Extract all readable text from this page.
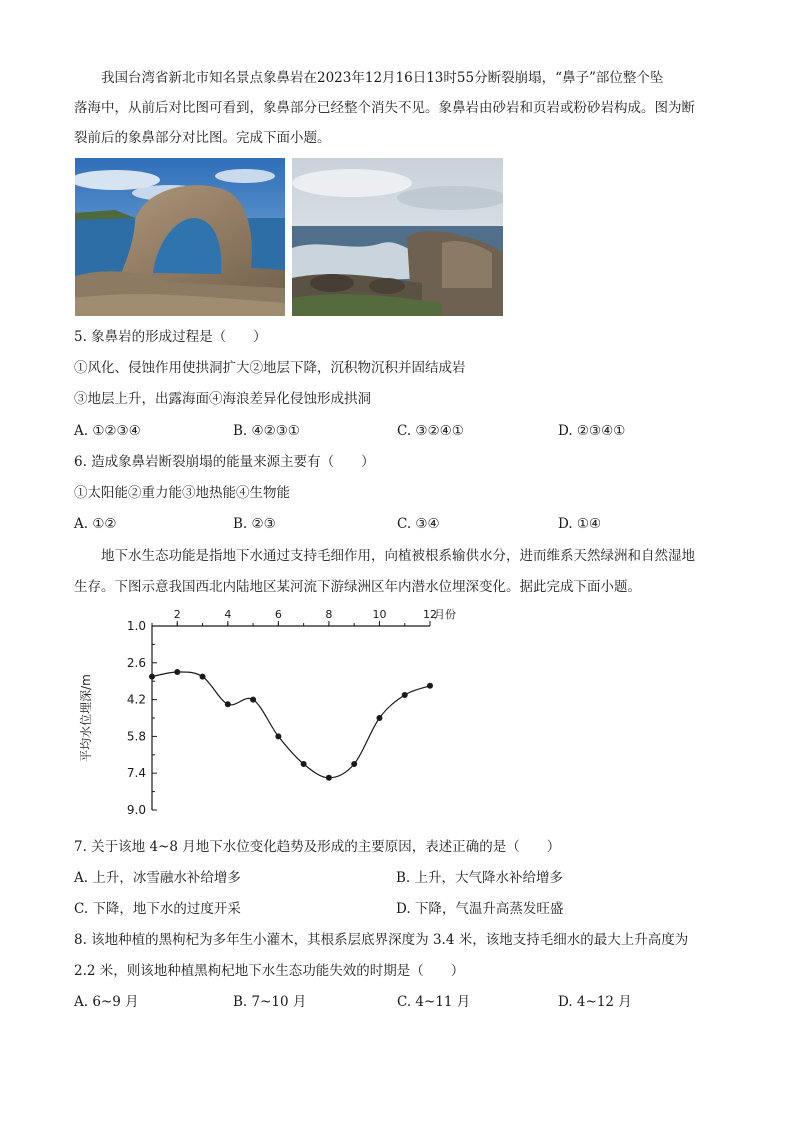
我国台湾省新北市知名景点象鼻岩在2023年12月16日13时55分断裂崩塌，“鼻子”部位整个坠

落海中，从前后对比图可看到，象鼻部分已经整个消失不见。象鼻岩由砂岩和页岩或粉砂岩构成。图为断

裂前后的象鼻部分对比图。完成下面小题。

5. 象鼻岩的形成过程是（　　）
①风化、侵蚀作用使拱洞扩大②地层下降，沉积物沉积并固结成岩
③地层上升，出露海面④海浪差异化侵蚀形成拱洞
A. ①②③④	B. ④②③①	C. ③②④①	D. ②③④①
6. 造成象鼻岩断裂崩塌的能量来源主要有（　　）
①太阳能②重力能③地热能④生物能
A. ①②	B. ②③	C. ③④	D. ①④

地下水生态功能是指地下水通过支持毛细作用，向植被根系输供水分，进而维系天然绿洲和自然湿地

生存。下图示意我国西北内陆地区某河流下游绿洲区年内潜水位埋深变化。据此完成下面小题。

2	4	6	8	10	12
1.0
2.6
4.2
5.8
7.4
9.0
月份
平均水位埋深/m
7. 关于该地 4~8 月地下水位变化趋势及形成的主要原因，表述正确的是（　　）
A. 上升，冰雪融水补给增多	B. 上升，大气降水补给增多
C. 下降，地下水的过度开采	D. 下降，气温升高蒸发旺盛
8. 该地种植的黑枸杞为多年生小灌木，其根系层底界深度为 3.4 米，该地支持毛细水的最大上升高度为
2.2 米，则该地种植黑枸杞地下水生态功能失效的时期是（　　）
A. 6~9 月	B. 7~10 月	C. 4~11 月	D. 4~12 月
